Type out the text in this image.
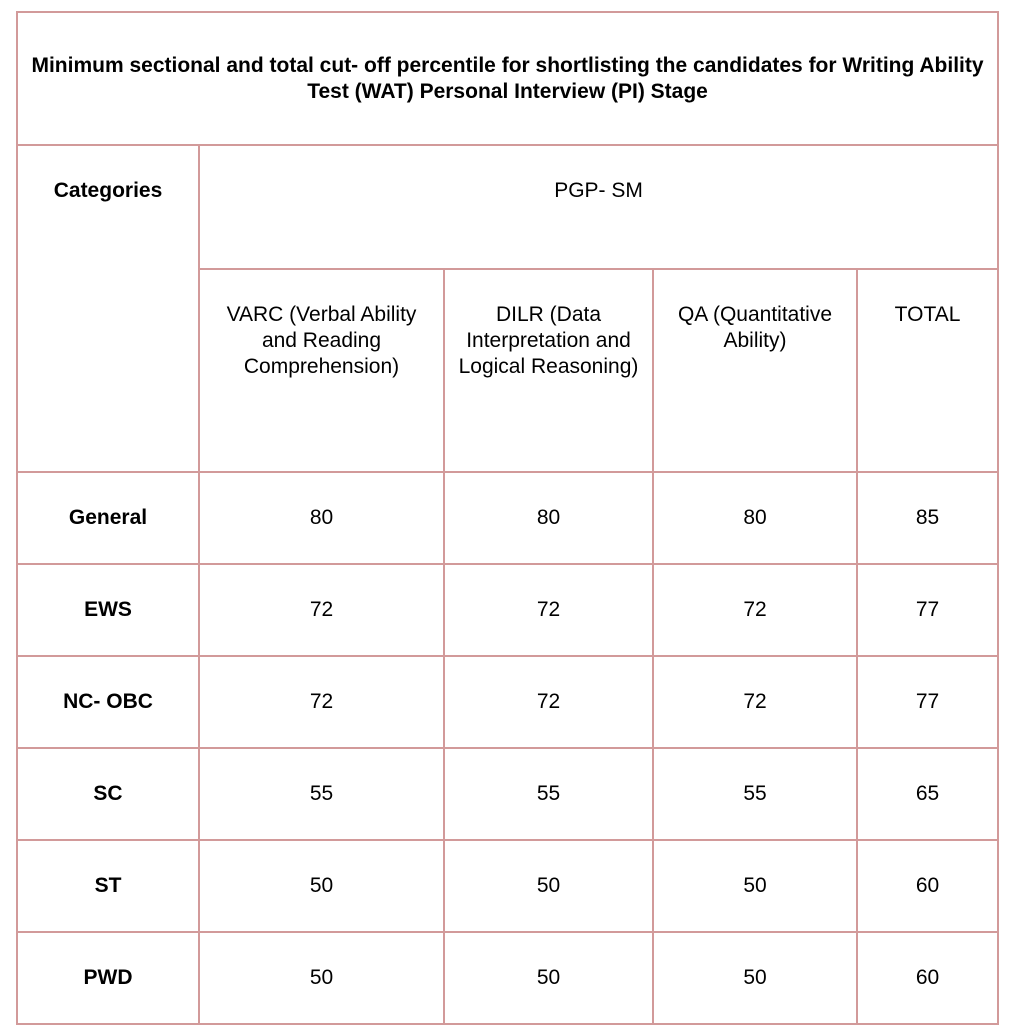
Minimum sectional and total cut- off percentile for shortlisting the candidates for Writing Ability Test (WAT) Personal Interview (PI) Stage				
Categories	PGP- SM			

	VARC (Verbal Ability and Reading Comprehension)	DILR (Data Interpretation and Logical Reasoning)	QA (Quantitative Ability)	TOTAL

General	80	80	80	85
EWS	72	72	72	77
NC- OBC	72	72	72	77
SC	55	55	55	65
ST	50	50	50	60
PWD	50	50	50	60
